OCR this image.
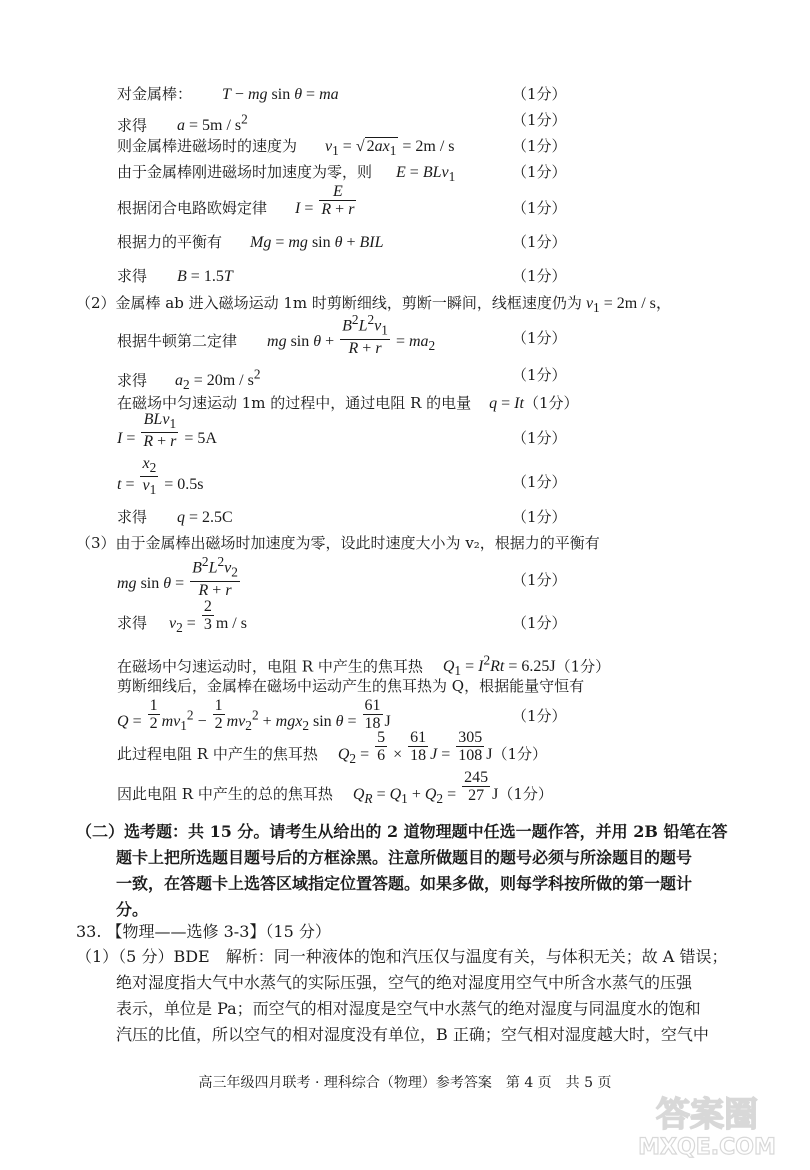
对金属棒： T − mg sin θ = ma	（1分）
求得 $a = 5m / s^2$	（1分）
则金属棒进磁场时的速度为 $v_1$ = √ $2ax_1 = 2m / s$	（1分）
由于金属棒刚进磁场时加速度为零，则 E = BLv$_1$	（1分）
根据闭合电路欧姆定律 $I = \frac{E}{R + r}$	（1分）
根据力的平衡有 Mg = mg sin θ + BIL	（1分）
求得 B = 1.5T	（1分）
（2）金属棒 ab 进入磁场运动 1m 时剪断细线，剪断一瞬间，线框速度仍为 $v_1 = 2m / s$，
根据牛顿第二定律 mg $\sin \theta + \frac{B^2L^2v_1}{R + r} = ma_2$	（1分）
求得 $a_2 = 20m / s^2$	（1分）
在磁场中匀速运动 1m 的过程中，通过电阻 R 的电量 q = It（1分）
$I = \frac{BLv_1}{R + r} = 5A$	（1分）
$t = \frac{x_2}{v_1} = 0.5s$	（1分）
求得 q = 2.5C	（1分）
（3）由于金属棒出磁场时加速度为零，设此时速度大小为 v₂，根据力的平衡有
mg $\sin \theta = \frac{B^2L^2v_2}{R + r}$	（1分）
求得 $v_2 = \frac{2}{3}$ m / s	（1分）
在磁场中匀速运动时，电阻 R 中产生的焦耳热 $Q_1 = I^2Rt = 6.25J(1$分）
剪断细线后，金属棒在磁场中运动产生的焦耳热为 Q，根据能量守恒有
$Q = \frac{1}{2} mv_1^2 - \frac{1}{2} mv_2^2 + mgx_2$ $\sin \theta = \frac{61}{18}$ J	（1分）
此过程电阻 R 中产生的焦耳热 $Q_2 = \frac{5}{6} \times \frac{61}{18}$ $J = \frac{305}{108} J(1$分）
因此电阻 R 中产生的总的焦耳热 $Q_R = Q_1 + Q_2 = \frac{245}{27} J(1$分）
（二）选考题：共 15 分。请考生从给出的 2 道物理题中任选一题作答，并用 2B 铅笔在答
题卡上把所选题目题号后的方框涂黑。注意所做题目的题号必须与所涂题目的题号
一致，在答题卡上选答区域指定位置答题。如果多做，则每学科按所做的第一题计
分。
33. 【物理——选修 3-3】（15 分）
（1）（5 分）BDE　解析：同一种液体的饱和汽压仅与温度有关，与体积无关；故 A 错误；
绝对湿度指大气中水蒸气的实际压强，空气的绝对湿度用空气中所含水蒸气的压强
表示，单位是 Pa；而空气的相对湿度是空气中水蒸气的绝对湿度与同温度水的饱和
汽压的比值，所以空气的相对湿度没有单位，B 正确；空气相对湿度越大时，空气中
高三年级四月联考 · 理科综合（物理）参考答案　第 4 页　共 5 页
答案圈
MXQE.COM
